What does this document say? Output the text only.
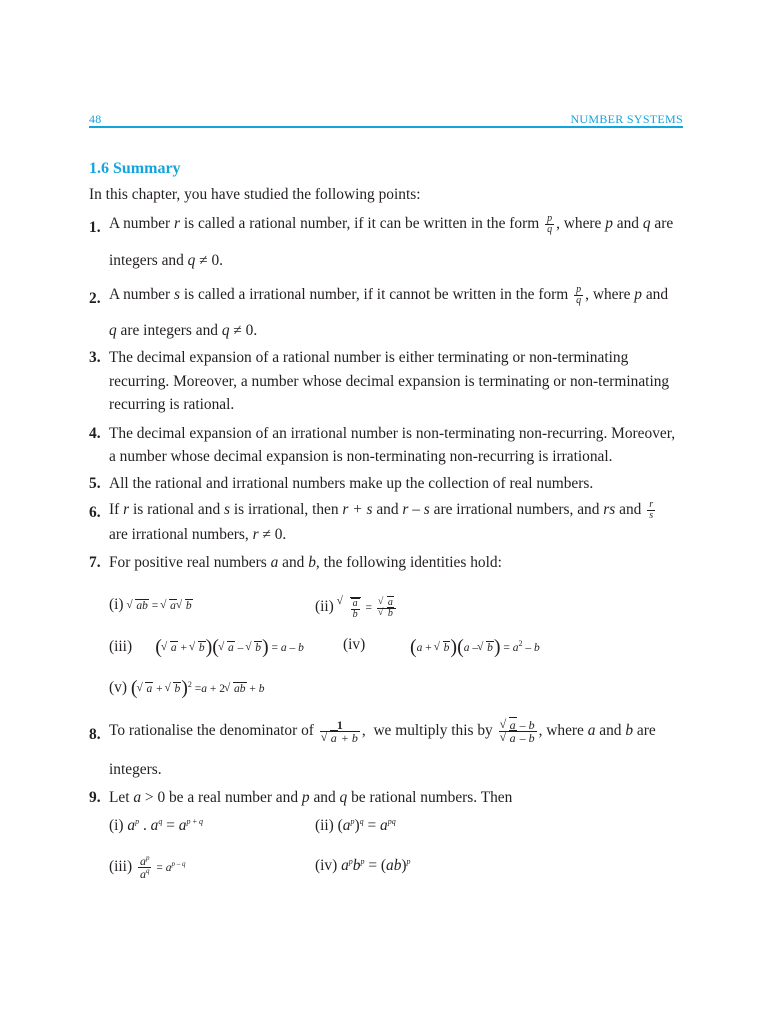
48	NUMBER SYSTEMS
1.6 Summary
In this chapter, you have studied the following points:
1. A number r is called a rational number, if it can be written in the form $\frac{p}{q}$ , where p and q are
integers and q ≠ 0.
2. A number s is called a irrational number, if it cannot be written in the form $\frac{p}{q}$ , where p and
q are integers and q ≠ 0.
3. The decimal expansion of a rational number is either terminating or non-terminating
recurring. Moreover, a number whose decimal expansion is terminating or non-terminating
recurring is rational.
4. The decimal expansion of an irrational number is non-terminating non-recurring. Moreover,
a number whose decimal expansion is non-terminating non-recurring is irrational.
5. All the rational and irrational numbers make up the collection of real numbers.
6. If r is rational and s is irrational, then r + s and r – s are irrational numbers, and rs and $\frac{r}{s}$
are irrational numbers, r ≠ 0.
7. For positive real numbers a and b, the following identities hold:
(i) √ ab = √ a √ b	(ii) √ $\frac{a}{b}$ = √ a
√ b
(iii) ( √ a + √ b)( √ a – √ b) = a – b	(iv) (a + √ b)(a – √ $b) = a^2 - b$
(v) ( √ a + √ b)$^2$ =a + 2 √ ab + b
8. To rationalise the denominator of 1
√ a + b ,  we multiply this by √ a – b
√ a – b , where a and b are
integers.
9. Let a > 0 be a real number and p and q be rational numbers. Then
(i) $a^p$ . $a^q = a^{p + q}$	(ii) $(a^p)^q = a^{pq}$
$(iii) \frac{a^p}{a^q} = a^{p - q}$	(iv) $a^pb^p = (ab)^p$
